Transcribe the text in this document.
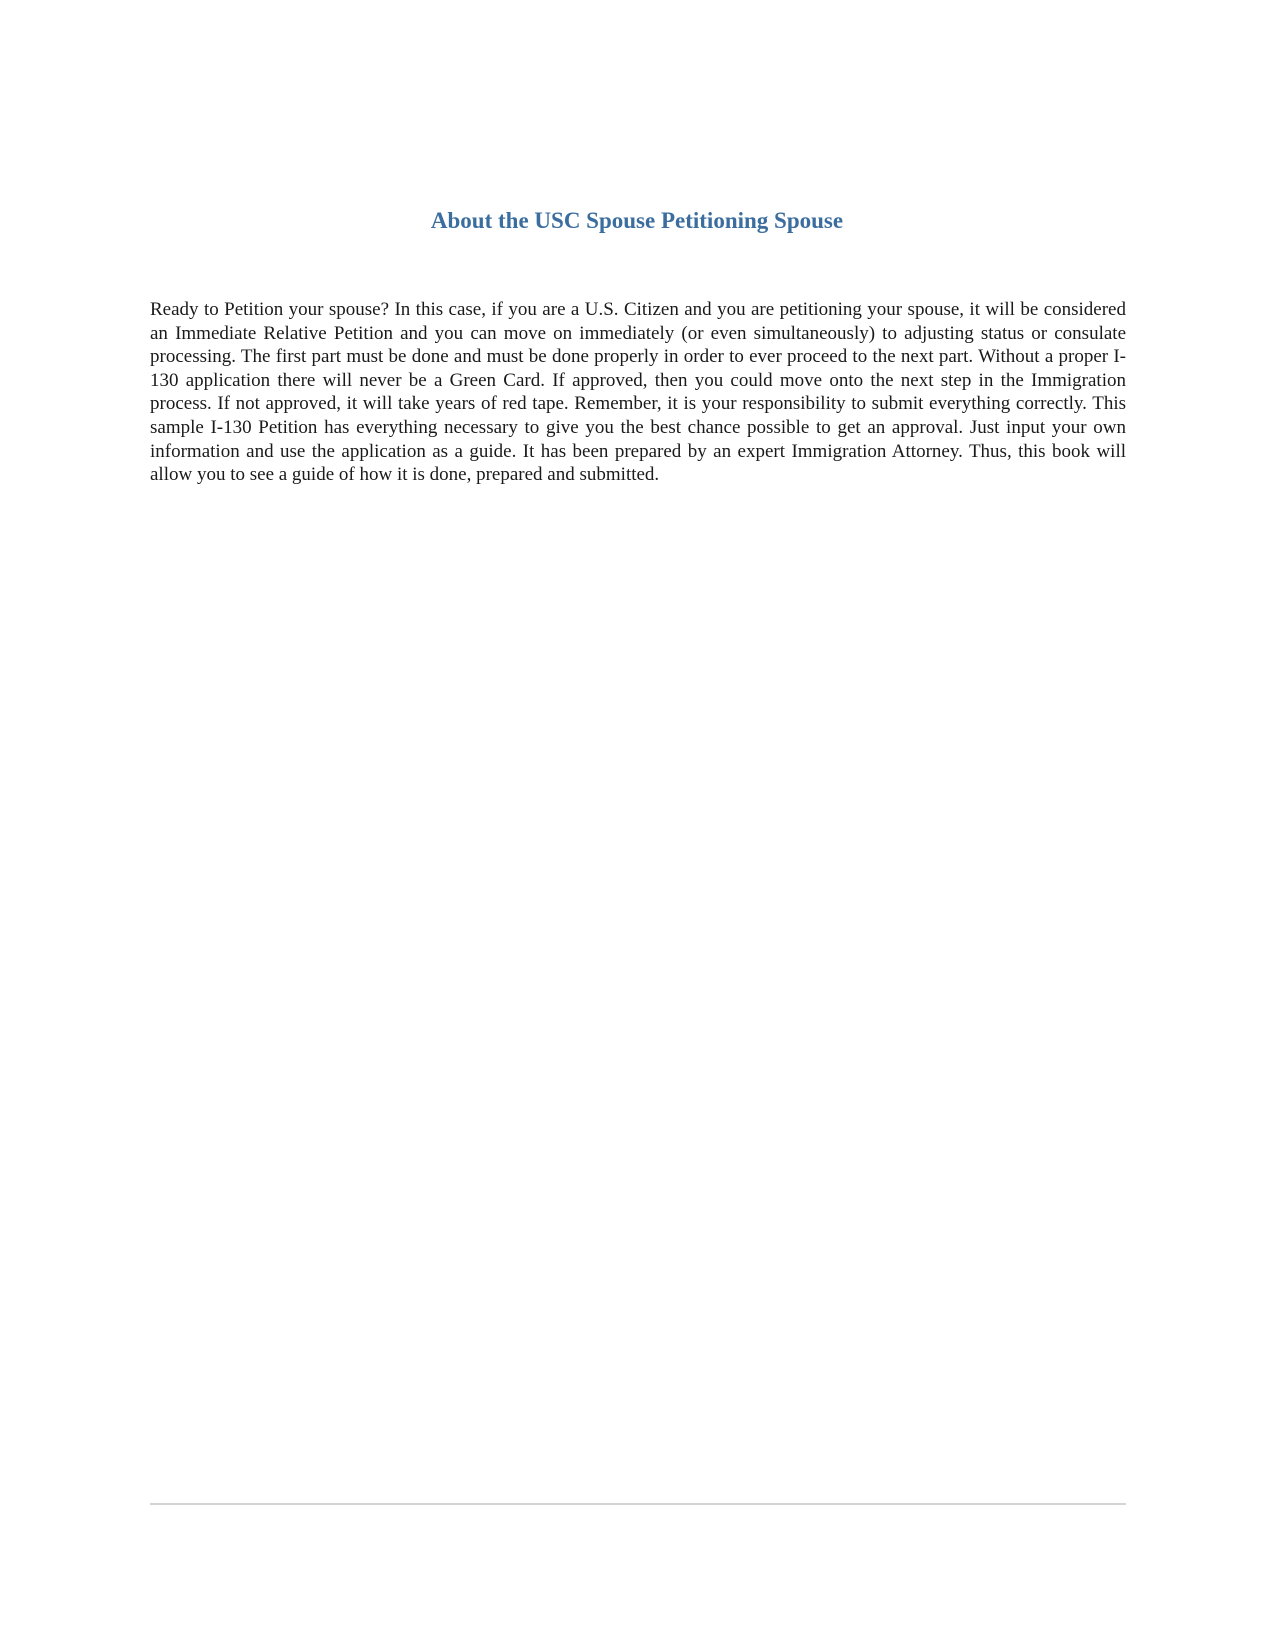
About the USC Spouse Petitioning Spouse

Ready to Petition your spouse? In this case, if you are a U.S. Citizen and you are petitioning your spouse, it will be considered an Immediate Relative Petition and you can move on immediately (or even simultaneously) to adjusting status or consulate processing. The first part must be done and must be done properly in order to ever proceed to the next part. Without a proper I-130 application there will never be a Green Card. If approved, then you could move onto the next step in the Immigration process. If not approved, it will take years of red tape. Remember, it is your responsibility to submit everything correctly. This sample I-130 Petition has everything necessary to give you the best chance possible to get an approval. Just input your own information and use the application as a guide. It has been prepared by an expert Immigration Attorney. Thus, this book will allow you to see a guide of how it is done, prepared and submitted.
